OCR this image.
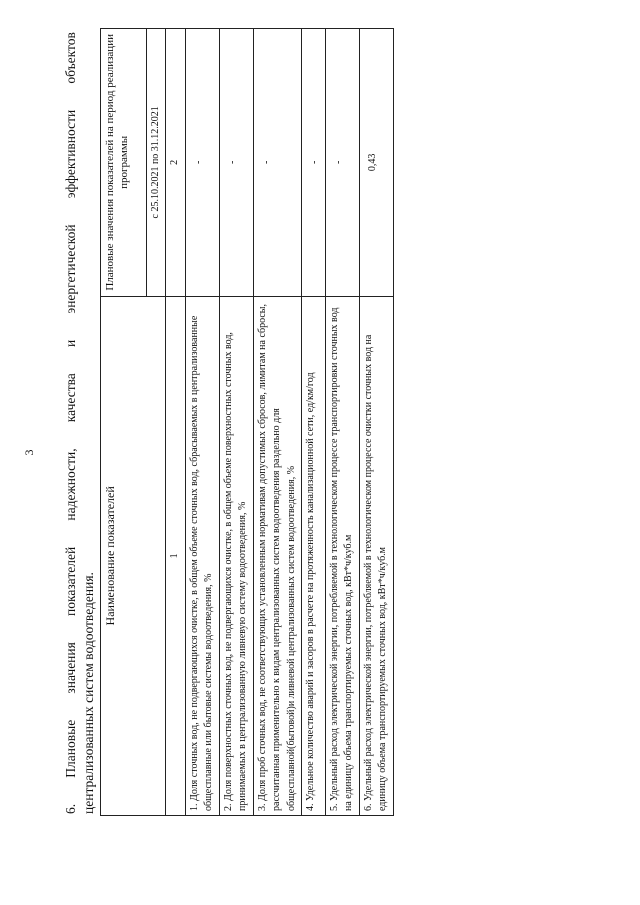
3
6.
Плановые
значения
показателей
надежности,
качества
и
энергетической
эффективности
объектов
централизованных систем водоотведения.
Наименование показателей	Плановые значения показателей на период реализации программы
	с 25.10.2021 по 31.12.2021
1	2
1. Доля сточных вод, не подвергающихся очистке, в общем объеме сточных вод, сбрасываемых в централизованные общесплавные или бытовые системы водоотведения, %	-

2. Доля поверхностных сточных вод, не подвергающихся очистке, в общем объеме поверхностных сточных вод, принимаемых в централизованную ливневую систему водоотведения, %	-

3. Доля проб сточных вод, не соответствующих установленным нормативам допустимых сбросов, лимитам на сбросы, рассчитанная применительно к видам централизованных систем водоотведения раздельно для общесплавной(бытовой)и ливневой централизованных систем водоотведения, %	-

4. Удельное количество аварий и засоров в расчете на протяженность канализационной сети, ед/км/год	-

5. Удельный расход электрической энергии, потребляемой в технологическом процессе транспортировки сточных вод на единицу объема транспортируемых сточных вод, кВт*ч/куб.м	-

6. Удельный расход электрической энергии, потребляемой в технологическом процессе очистки сточных вод на единицу объема транспортируемых сточных вод, кВт*ч/куб.м	0,43
